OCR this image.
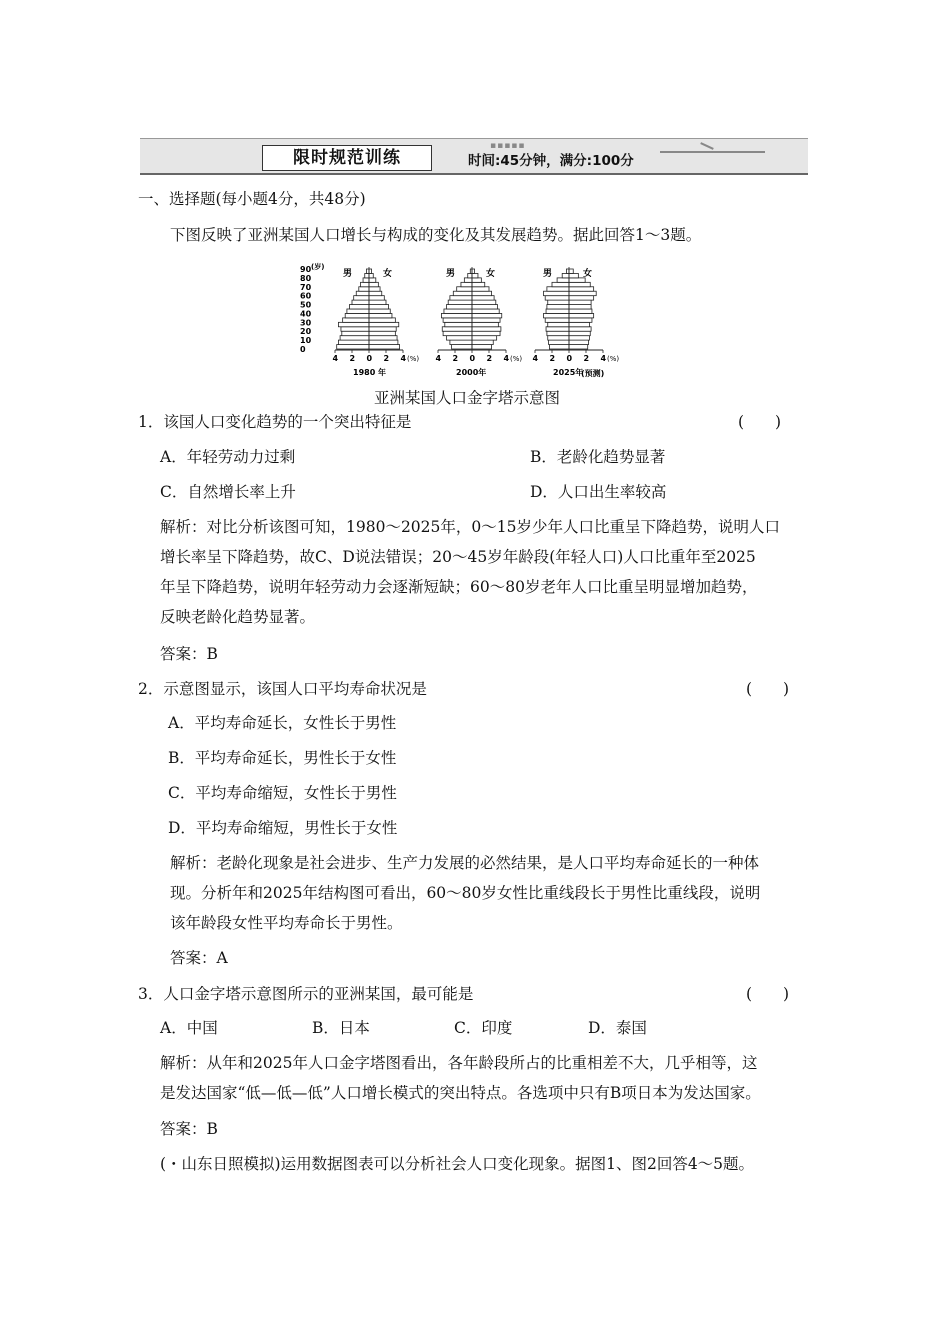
▪▪▪▪▪
限时规范训练	时间:45分钟，满分:100分
一、选择题(每小题4分，共48分)
下图反映了亚洲某国人口增长与构成的变化及其发展趋势。据此回答1～3题。
90
80
70
60
50
40
30
20
10
0
(岁)
4 2 0 2 4 (%)
男	女
1980 年
4 2 0 2 4 (%)
男	女
2000年
4 2 0 2 4 (%)
男	女
2025年
(预测)
亚洲某国人口金字塔示意图
1．该国人口变化趋势的一个突出特征是	(　　)
A．年轻劳动力过剩	B．老龄化趋势显著
C．自然增长率上升	D．人口出生率较高
解析：对比分析该图可知，1980～2025年，0～15岁少年人口比重呈下降趋势，说明人口
增长率呈下降趋势，故C、D说法错误；20～45岁年龄段(年轻人口)人口比重年至2025
年呈下降趋势，说明年轻劳动力会逐渐短缺；60～80岁老年人口比重呈明显增加趋势，
反映老龄化趋势显著。
答案：B
2．示意图显示，该国人口平均寿命状况是	(　　)
A．平均寿命延长，女性长于男性
B．平均寿命延长，男性长于女性
C．平均寿命缩短，女性长于男性
D．平均寿命缩短，男性长于女性
解析：老龄化现象是社会进步、生产力发展的必然结果，是人口平均寿命延长的一种体
现。分析年和2025年结构图可看出，60～80岁女性比重线段长于男性比重线段，说明
该年龄段女性平均寿命长于男性。
答案：A
3．人口金字塔示意图所示的亚洲某国，最可能是	(　　)
A．中国	B．日本	C．印度	D．泰国
解析：从年和2025年人口金字塔图看出，各年龄段所占的比重相差不大，几乎相等，这
是发达国家“低—低—低”人口增长模式的突出特点。各选项中只有B项日本为发达国家。
答案：B
(・山东日照模拟)运用数据图表可以分析社会人口变化现象。据图1、图2回答4～5题。
